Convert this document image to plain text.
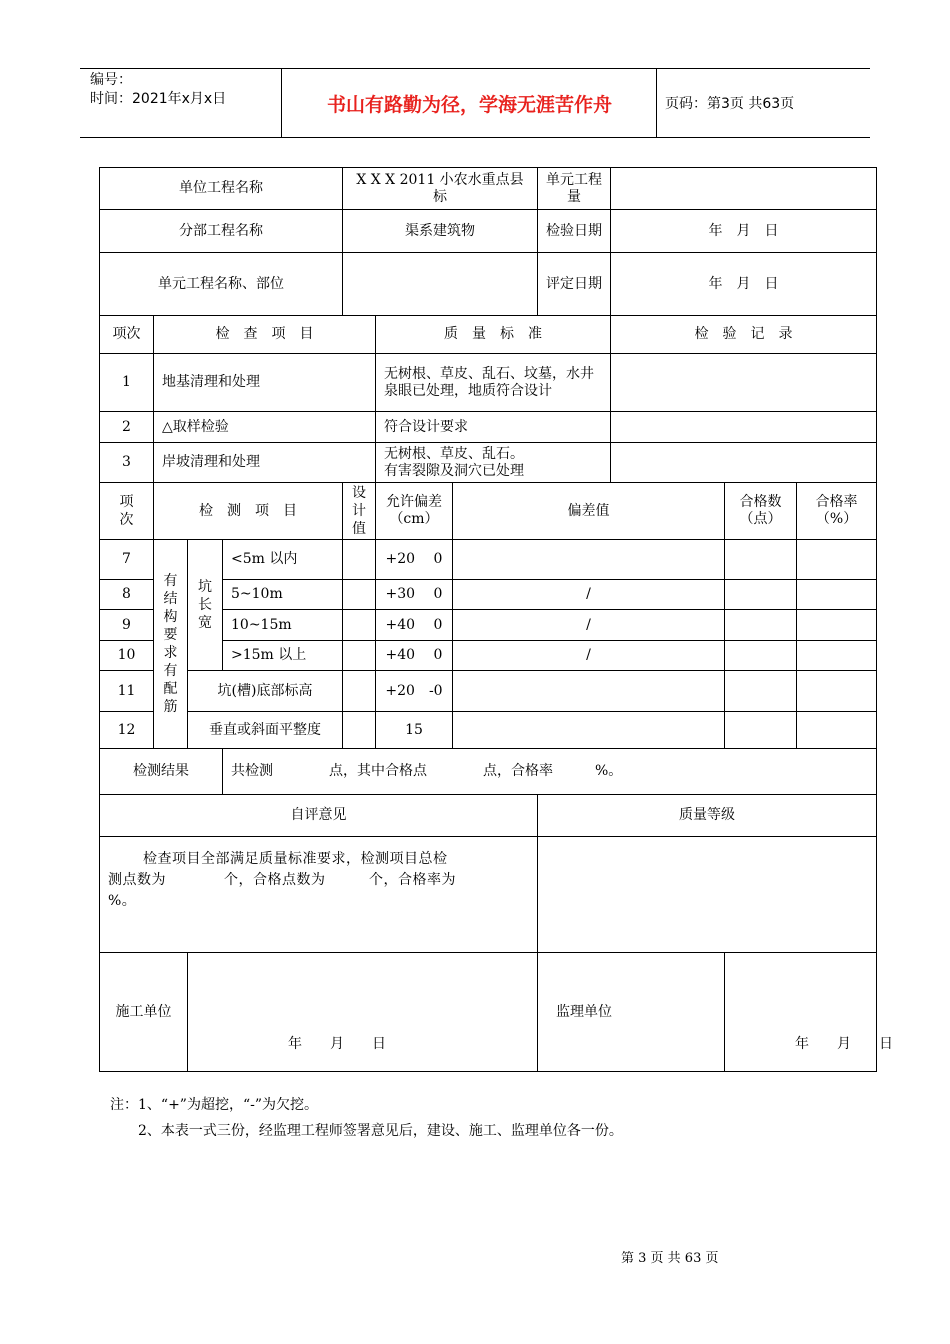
编号：
时间：2021年x月x日	书山有路勤为径，学海无涯苦作舟	页码：第3页 共63页
单位工程名称				X X X 2011 小农水重点县　　标			单元工程量			
分部工程名称				渠系建筑物			检验日期	年　月　日		
单元工程名称、部位							评定日期	年　月　日		
项次	检　查　项　目				质　量　标　准			检　验　记　录		
1	地基清理和处理				无树根、草皮、乱石、坟墓，水井
泉眼已处理，地质符合设计					
2	△取样检验				符合设计要求					
3	岸坡清理和处理				无树根、草皮、乱石。
有害裂隙及洞穴已处理					

项次	检　测　项　目			设计值	允许偏差（cm）	偏差值			合格数（点）	合格率（%）
7	有结构要求有配筋	坑长宽	<5m 以内		+20　 0					
8			5~10m		+30　 0	/				
9			10~15m		+40　 0	/				
10			>15m 以上		+40　 0	/				
11		坑(槽)底部标高			+20　-0					
12		垂直或斜面平整度			15					
检测结果			共检测　　　　点，其中合格点　　　　点，合格率　　　%。							
自评意见							质量等级			

检查项目全部满足质量标准要求，检测项目总检
测点数为　　　　个，合格点数为　　　个，合格率为
%。										

施工单位		年　　月　　日					监理单位		年　　月　　日	
注：1、“+”为超挖，“-”为欠挖。
　　2、本表一式三份，经监理工程师签署意见后，建设、施工、监理单位各一份。
第 3 页 共 63 页
